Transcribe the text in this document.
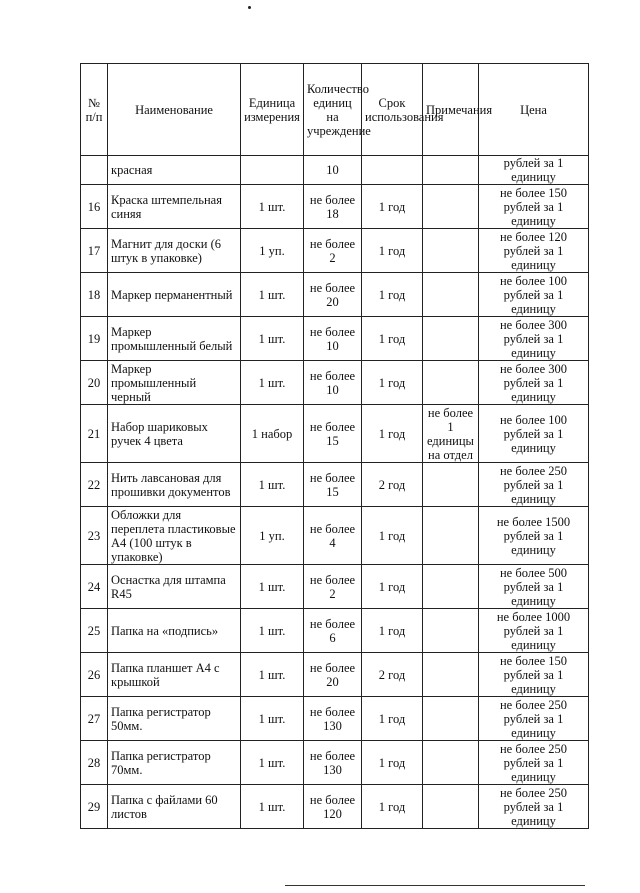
№ п/п	Наименование	Единица измерения	Количество единиц на учреждение	Срок использования	Примечания	Цена
	красная		10			рублей за 1 единицу
16	Краска штемпельная синяя	1 шт.	не более 18	1 год		не более 150 рублей за 1 единицу
17	Магнит для доски (6 штук в упаковке)	1 уп.	не более 2	1 год		не более 120 рублей за 1 единицу
18	Маркер перманентный	1 шт.	не более 20	1 год		не более 100 рублей за 1 единицу
19	Маркер промышленный белый	1 шт.	не более 10	1 год		не более 300 рублей за 1 единицу
20	Маркер промышленный черный	1 шт.	не более 10	1 год		не более 300 рублей за 1 единицу
21	Набор шариковых ручек 4 цвета	1 набор	не более 15	1 год	не более 1 единицы на отдел	не более 100 рублей за 1 единицу
22	Нить лавсановая для прошивки документов	1 шт.	не более 15	2 год		не более 250 рублей за 1 единицу
23	Обложки для переплета пластиковые А4 (100 штук в упаковке)	1 уп.	не более 4	1 год		не более 1500 рублей за 1 единицу
24	Оснастка для штампа R45	1 шт.	не более 2	1 год		не более 500 рублей за 1 единицу
25	Папка на «подпись»	1 шт.	не более 6	1 год		не более 1000 рублей за 1 единицу
26	Папка планшет А4 с крышкой	1 шт.	не более 20	2 год		не более 150 рублей за 1 единицу
27	Папка регистратор 50мм.	1 шт.	не более 130	1 год		не более 250 рублей за 1 единицу
28	Папка регистратор 70мм.	1 шт.	не более 130	1 год		не более 250 рублей за 1 единицу
29	Папка с файлами 60 листов	1 шт.	не более 120	1 год		не более 250 рублей за 1 единицу
